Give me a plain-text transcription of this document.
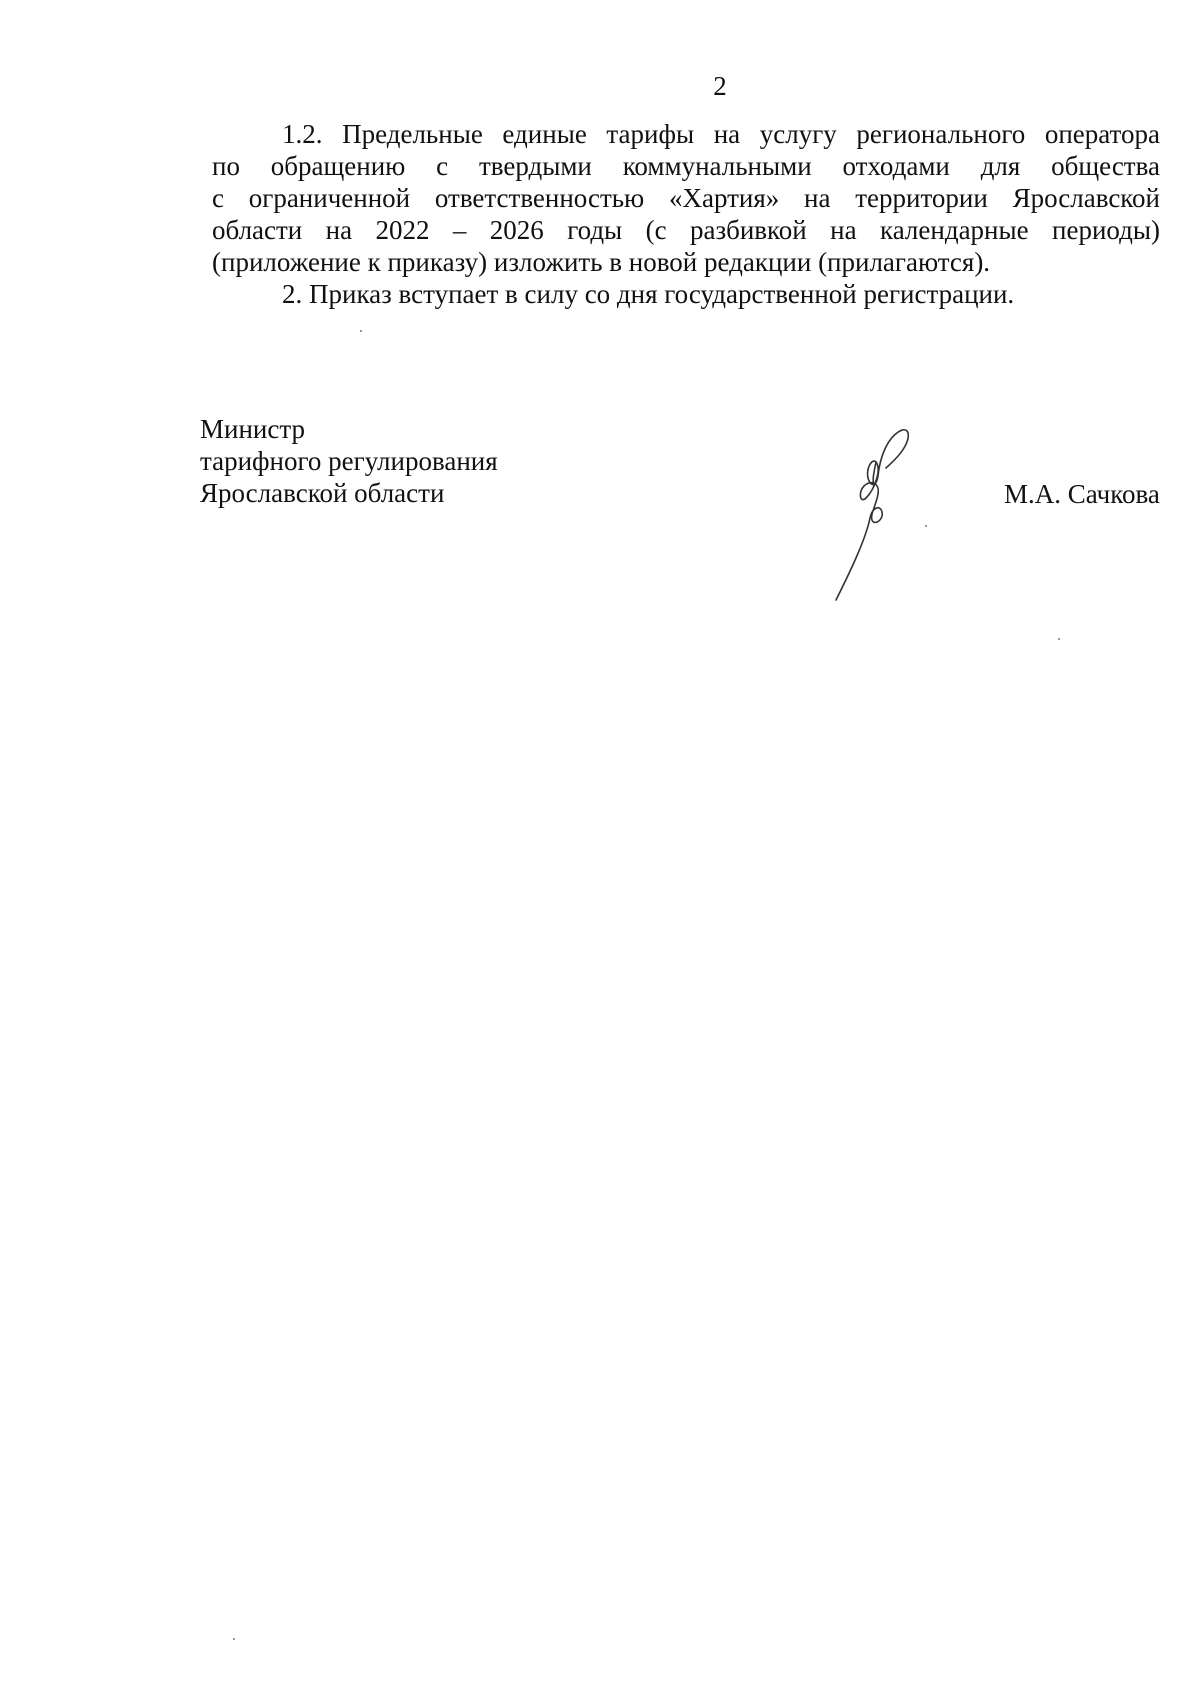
2

1.2. Предельные единые тарифы на услугу регионального оператора
по обращению с твердыми коммунальными отходами для общества
с ограниченной ответственностью «Хартия» на территории Ярославской
области на 2022 – 2026 годы (с разбивкой на календарные периоды)
(приложение к приказу) изложить в новой редакции (прилагаются).

2. Приказ вступает в силу со дня государственной регистрации.

Министр
тарифного регулирования
Ярославской области	М.А. Сачкова
